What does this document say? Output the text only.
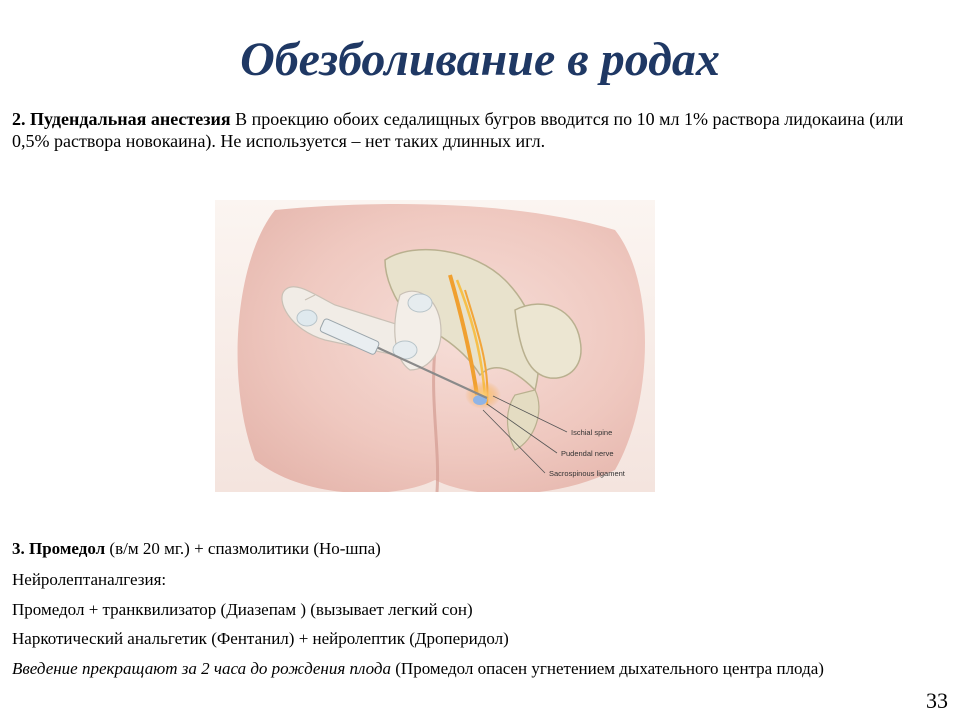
Обезболивание в родах
2. Пудендальная анестезия В проекцию обоих седалищных бугров вводится по 10 мл 1% раствора лидокаина (или 0,5% раствора новокаина). Не используется – нет таких длинных игл.
Ischial spine
Pudendal nerve
Sacrospinous ligament
3. Промедол (в/м 20 мг.) + спазмолитики (Но-шпа)
Нейролептаналгезия:
Промедол + транквилизатор (Диазепам ) (вызывает легкий сон)
Наркотический анальгетик (Фентанил) + нейролептик (Дроперидол)
Введение прекращают за 2 часа до рождения плода (Промедол опасен угнетением дыхательного центра плода)
33
